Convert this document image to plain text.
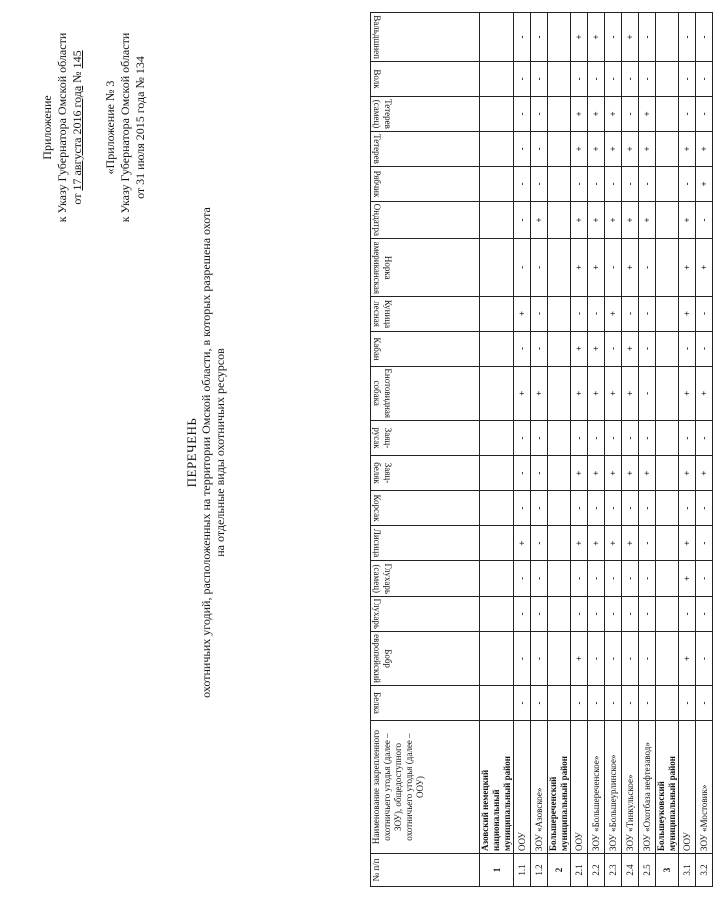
Приложение к Указу Губернатора Омской области от 17 августа 2016 года № 145
«Приложение № 3 к Указу Губернатора Омской области от 31 июля 2015 года № 134
ПЕРЕЧЕНЬ охотничьих угодий, расположенных на территории Омской области, в которых разрешена охота на отдельные виды охотничьих ресурсов
№ п/п	Наименование закрепленного охотничьего угодья (далее – ЗОУ), общедоступного охотничьего угодья (далее – ООУ)	Белка	Бобр европейский	Глухарь	Глухарь (самец)	Лисица	Корсак	Заяц-беляк	Заяц-русак	Енотовидная собака	Кабан	Куница лесная	Норка американская	Ондатра	Рябчик	Тетерев	Тетерев (самец)	Волк	Вальдшнеп

1	Азовский немецкий национальный муниципальный район																		
1.1	ООУ	-	-	-	-	+	-	-	-	+	-	+	-	-	-	-	-	-	-
1.2	ЗОУ «Азовское»	-	-	-	-	-	-	-	-	+	-	-	-	+	-	-	-	-	-
2	Большереченский муниципальный район																		
2.1	ООУ	-	+	-	-	+	-	+	-	+	+	-	+	+	-	+	+	-	+
2.2	ЗОУ «Большереченское»	-	-	-	-	+	-	+	-	+	+	-	+	+	-	+	+	-	+
2.3	ЗОУ «Большеурлинское»	-	-	-	-	+	-	+	-	+	-	+	-	+	-	+	+	-	-
2.4	ЗОУ «Тинкульское»	-	-	-	-	+	-	+	-	+	+	-	+	+	-	+	-	-	+
2.5	ЗОУ «Охотбаза нефтезавод»	-	-	-	-	-	-	+	-	-	-	-	-	+	-	+	+	-	-
3	Большеуковский муниципальный район																		
3.1	ООУ	-	+	-	+	+	-	+	-	+	-	+	+	+	-	+	-	-	-
3.2	ЗОУ «Мостовик»	-	-	-	-	-	-	+	-	+	-	-	+	-	+	+	-	-	-
